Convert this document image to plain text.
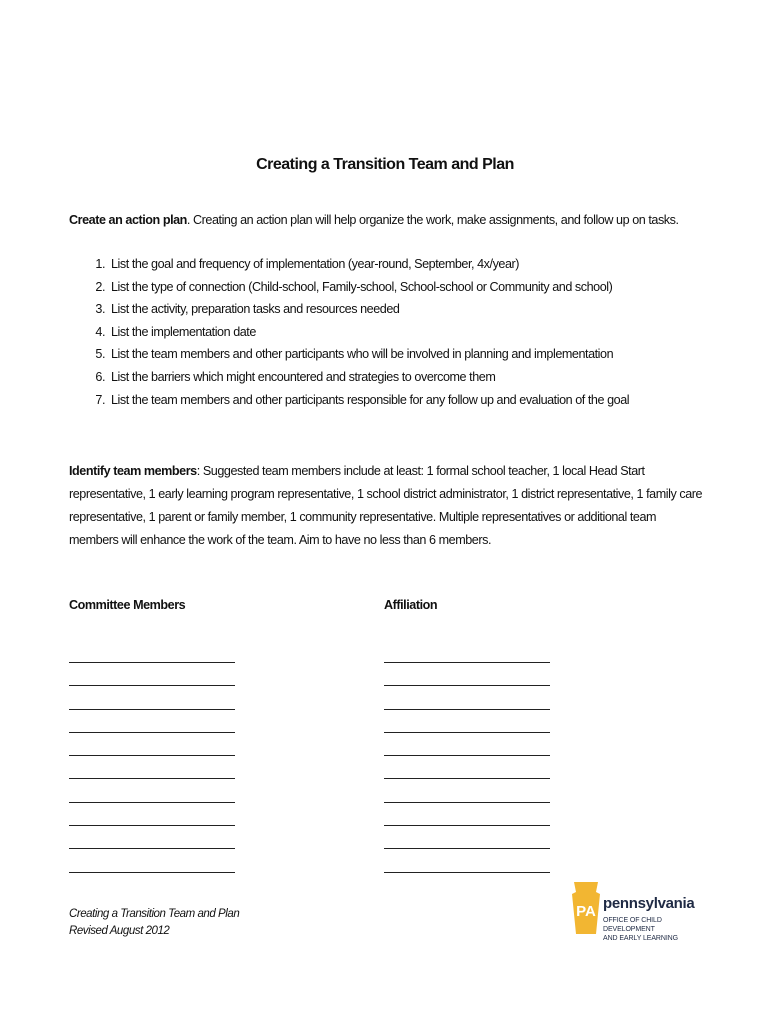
Creating a Transition Team and Plan
Create an action plan. Creating an action plan will help organize the work, make assignments, and follow up on tasks.
1. List the goal and frequency of implementation (year-round, September, 4x/year)
2. List the type of connection (Child-school, Family-school, School-school or Community and school)
3. List the activity, preparation tasks and resources needed
4. List the implementation date
5. List the team members and other participants who will be involved in planning and implementation
6. List the barriers which might encountered and strategies to overcome them
7. List the team members and other participants responsible for any follow up and evaluation of the goal
Identify team members: Suggested team members include at least: 1 formal school teacher, 1 local Head Start representative, 1 early learning program representative, 1 school district administrator, 1 district representative, 1 family care representative, 1 parent or family member, 1 community representative. Multiple representatives or additional team members will enhance the work of the team. Aim to have no less than 6 members.
Committee Members	Affiliation
Creating a Transition Team and Plan
Revised August 2012
PA pennsylvania
OFFICE OF CHILD DEVELOPMENT
AND EARLY LEARNING
